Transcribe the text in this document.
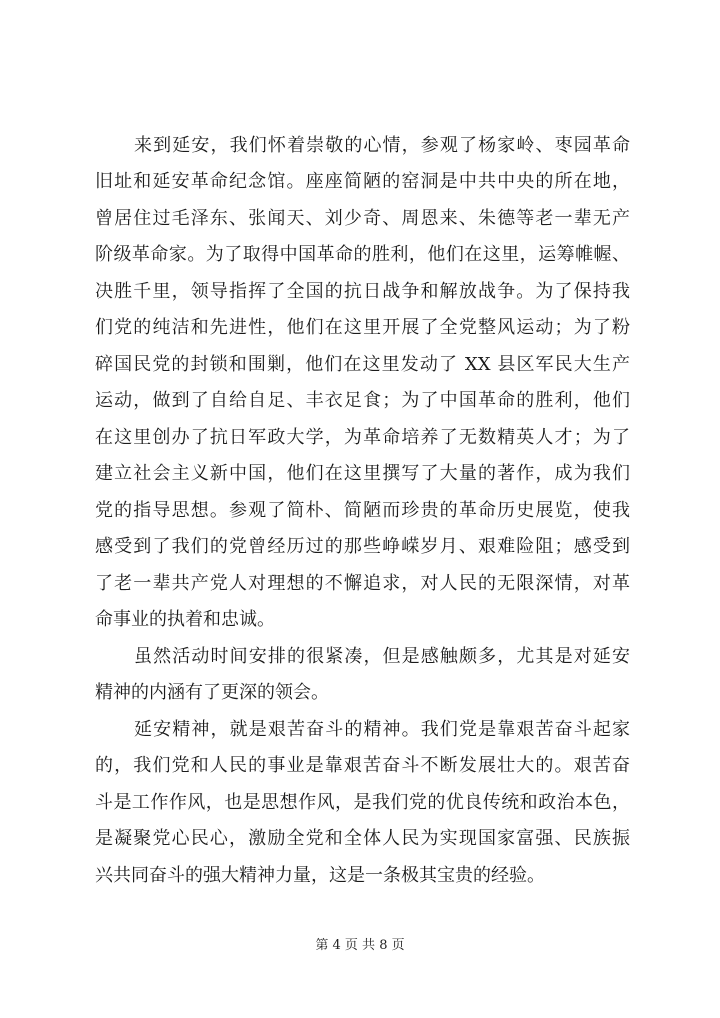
来到延安，我们怀着崇敬的心情，参观了杨家岭、枣园革命
旧址和延安革命纪念馆。座座简陋的窑洞是中共中央的所在地，
曾居住过毛泽东、张闻天、刘少奇、周恩来、朱德等老一辈无产
阶级革命家。为了取得中国革命的胜利，他们在这里，运筹帷幄、
决胜千里，领导指挥了全国的抗日战争和解放战争。为了保持我
们党的纯洁和先进性，他们在这里开展了全党整风运动；为了粉
碎国民党的封锁和围剿，他们在这里发动了 XX 县区军民大生产
运动，做到了自给自足、丰衣足食；为了中国革命的胜利，他们
在这里创办了抗日军政大学，为革命培养了无数精英人才；为了
建立社会主义新中国，他们在这里撰写了大量的著作，成为我们
党的指导思想。参观了简朴、简陋而珍贵的革命历史展览，使我
感受到了我们的党曾经历过的那些峥嵘岁月、艰难险阻；感受到
了老一辈共产党人对理想的不懈追求，对人民的无限深情，对革
命事业的执着和忠诚。
虽然活动时间安排的很紧凑，但是感触颇多，尤其是对延安
精神的内涵有了更深的领会。
延安精神，就是艰苦奋斗的精神。我们党是靠艰苦奋斗起家
的，我们党和人民的事业是靠艰苦奋斗不断发展壮大的。艰苦奋
斗是工作作风，也是思想作风，是我们党的优良传统和政治本色，
是凝聚党心民心，激励全党和全体人民为实现国家富强、民族振
兴共同奋斗的强大精神力量，这是一条极其宝贵的经验。
第 4 页 共 8 页
